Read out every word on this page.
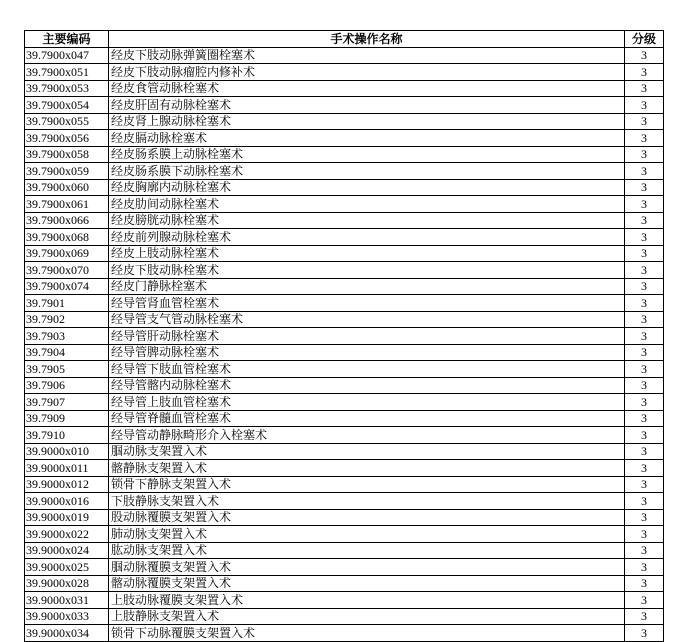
主要编码	手术操作名称	分级
39.7900x047	经皮下肢动脉弹簧圈栓塞术	3
39.7900x051	经皮下肢动脉瘤腔内修补术	3
39.7900x053	经皮食管动脉栓塞术	3
39.7900x054	经皮肝固有动脉栓塞术	3
39.7900x055	经皮肾上腺动脉栓塞术	3
39.7900x056	经皮膈动脉栓塞术	3
39.7900x058	经皮肠系膜上动脉栓塞术	3
39.7900x059	经皮肠系膜下动脉栓塞术	3
39.7900x060	经皮胸廓内动脉栓塞术	3
39.7900x061	经皮肋间动脉栓塞术	3
39.7900x066	经皮膀胱动脉栓塞术	3
39.7900x068	经皮前列腺动脉栓塞术	3
39.7900x069	经皮上肢动脉栓塞术	3
39.7900x070	经皮下肢动脉栓塞术	3
39.7900x074	经皮门静脉栓塞术	3
39.7901	经导管肾血管栓塞术	3
39.7902	经导管支气管动脉栓塞术	3
39.7903	经导管肝动脉栓塞术	3
39.7904	经导管脾动脉栓塞术	3
39.7905	经导管下肢血管栓塞术	3
39.7906	经导管髂内动脉栓塞术	3
39.7907	经导管上肢血管栓塞术	3
39.7909	经导管脊髓血管栓塞术	3
39.7910	经导管动静脉畸形介入栓塞术	3
39.9000x010	腘动脉支架置入术	3
39.9000x011	髂静脉支架置入术	3
39.9000x012	锁骨下静脉支架置入术	3
39.9000x016	下肢静脉支架置入术	3
39.9000x019	股动脉覆膜支架置入术	3
39.9000x022	肺动脉支架置入术	3
39.9000x024	肱动脉支架置入术	3
39.9000x025	腘动脉覆膜支架置入术	3
39.9000x028	髂动脉覆膜支架置入术	3
39.9000x031	上肢动脉覆膜支架置入术	3
39.9000x033	上肢静脉支架置入术	3
39.9000x034	锁骨下动脉覆膜支架置入术	3
